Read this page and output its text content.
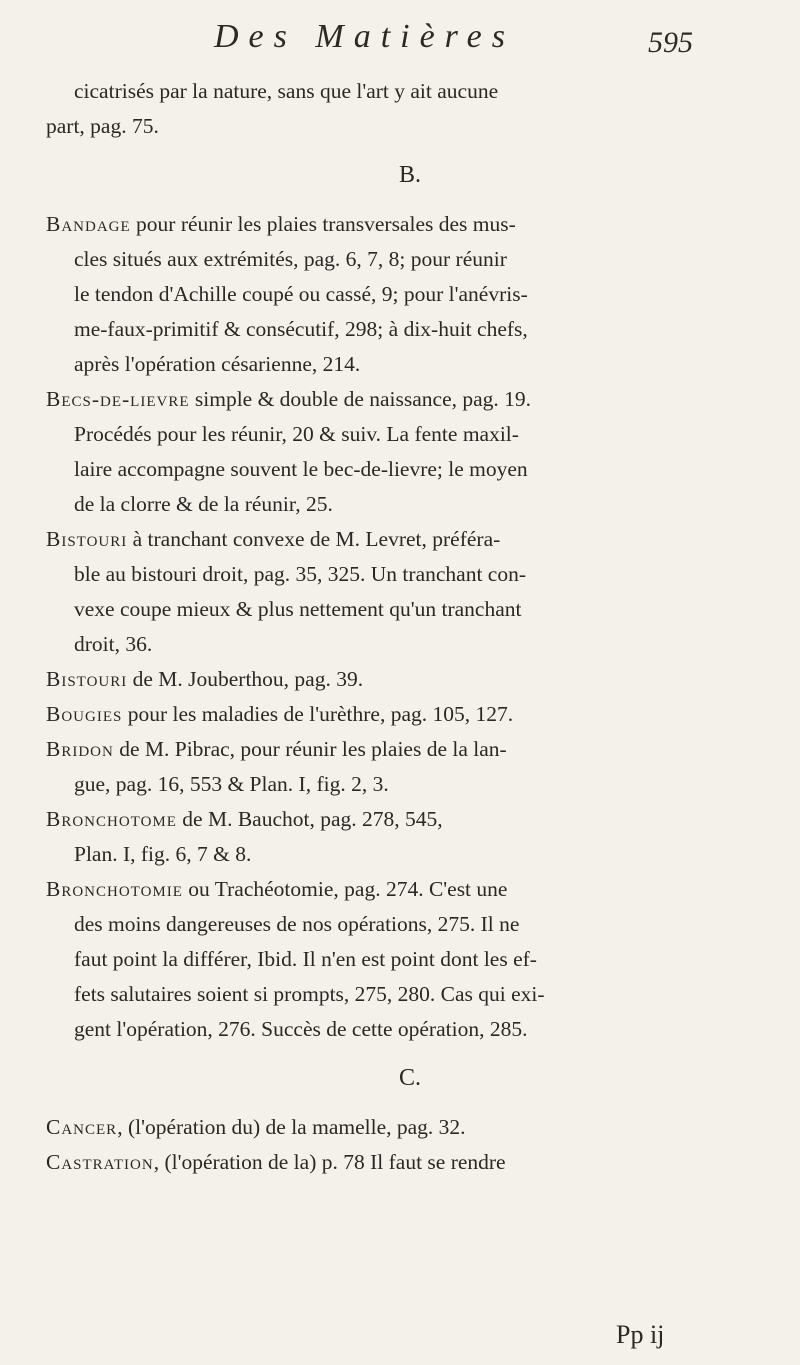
Des Matières	595
cicatrisés par la nature, sans que l'art y ait aucune
part, pag. 75.
B.
Bandage pour réunir les plaies transversales des mus-
cles situés aux extrémités, pag. 6, 7, 8; pour réunir
le tendon d'Achille coupé ou cassé, 9; pour l'anévris-
me-faux-primitif & consécutif, 298; à dix-huit chefs,
après l'opération césarienne, 214.
Becs-de-lievre simple & double de naissance, pag. 19.
Procédés pour les réunir, 20 & suiv. La fente maxil-
laire accompagne souvent le bec-de-lievre; le moyen
de la clorre & de la réunir, 25.
Bistouri à tranchant convexe de M. Levret, préféra-
ble au bistouri droit, pag. 35, 325. Un tranchant con-
vexe coupe mieux & plus nettement qu'un tranchant
droit, 36.
Bistouri de M. Jouberthou, pag. 39.
Bougies pour les maladies de l'urèthre, pag. 105, 127.
Bridon de M. Pibrac, pour réunir les plaies de la lan-
gue, pag. 16, 553 & Plan. I, fig. 2, 3.
Bronchotome de M. Bauchot, pag. 278, 545,
Plan. I, fig. 6, 7 & 8.
Bronchotomie ou Trachéotomie, pag. 274. C'est une
des moins dangereuses de nos opérations, 275. Il ne
faut point la différer, Ibid. Il n'en est point dont les ef-
fets salutaires soient si prompts, 275, 280. Cas qui exi-
gent l'opération, 276. Succès de cette opération, 285.
C.
Cancer, (l'opération du) de la mamelle, pag. 32.
Castration, (l'opération de la) p. 78 Il faut se rendre
Pp ij
